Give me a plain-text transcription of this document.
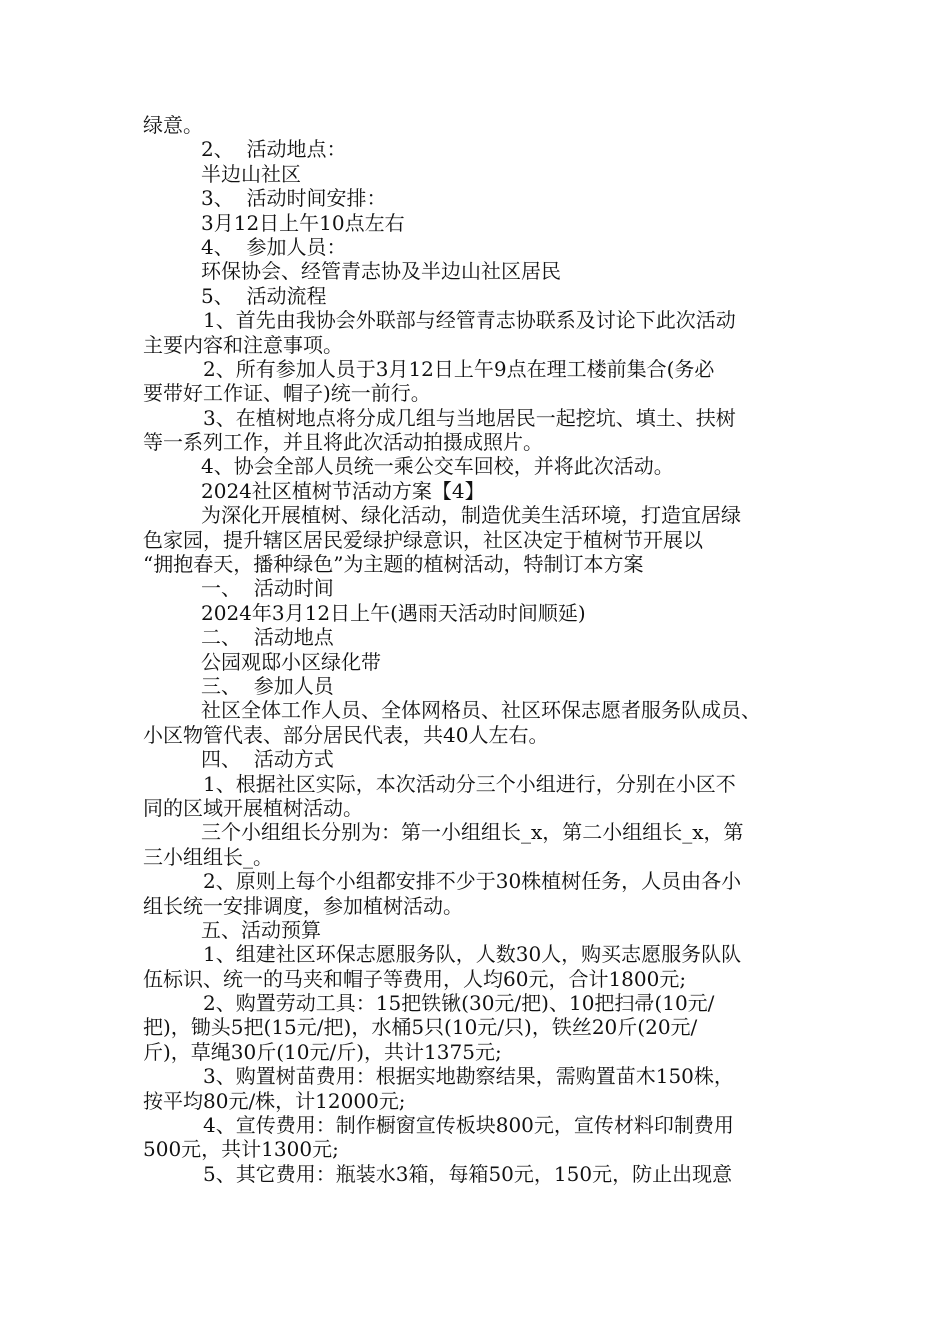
绿意。
2、  活动地点：
半边山社区
3、  活动时间安排：
3月12日上午10点左右
4、  参加人员：
环保协会、经管青志协及半边山社区居民
5、  活动流程
1、首先由我协会外联部与经管青志协联系及讨论下此次活动
主要内容和注意事项。
2、所有参加人员于3月12日上午9点在理工楼前集合(务必
要带好工作证、帽子)统一前行。
3、在植树地点将分成几组与当地居民一起挖坑、填土、扶树
等一系列工作，并且将此次活动拍摄成照片。
4、协会全部人员统一乘公交车回校，并将此次活动。
2024社区植树节活动方案【4】
为深化开展植树、绿化活动，制造优美生活环境，打造宜居绿
色家园，提升辖区居民爱绿护绿意识，社区决定于植树节开展以
“拥抱春天，播种绿色”为主题的植树活动，特制订本方案
一、  活动时间
2024年3月12日上午(遇雨天活动时间顺延)
二、  活动地点
公园观邸小区绿化带
三、  参加人员
社区全体工作人员、全体网格员、社区环保志愿者服务队成员、
小区物管代表、部分居民代表，共40人左右。
四、  活动方式
1、根据社区实际，本次活动分三个小组进行，分别在小区不
同的区域开展植树活动。
三个小组组长分别为：第一小组组长_x，第二小组组长_x，第
三小组组长_。
2、原则上每个小组都安排不少于30株植树任务，人员由各小
组长统一安排调度，参加植树活动。
五、活动预算
1、组建社区环保志愿服务队，人数30人，购买志愿服务队队
伍标识、统一的马夹和帽子等费用，人均60元，合计1800元;
2、购置劳动工具：15把铁锹(30元/把)、10把扫帚(10元/
把)，锄头5把(15元/把)，水桶5只(10元/只)，铁丝20斤(20元/
斤)，草绳30斤(10元/斤)，共计1375元;
3、购置树苗费用：根据实地勘察结果，需购置苗木150株，
按平均80元/株，计12000元;
4、宣传费用：制作橱窗宣传板块800元，宣传材料印制费用
500元，共计1300元;
5、其它费用：瓶装水3箱，每箱50元，150元，防止出现意
